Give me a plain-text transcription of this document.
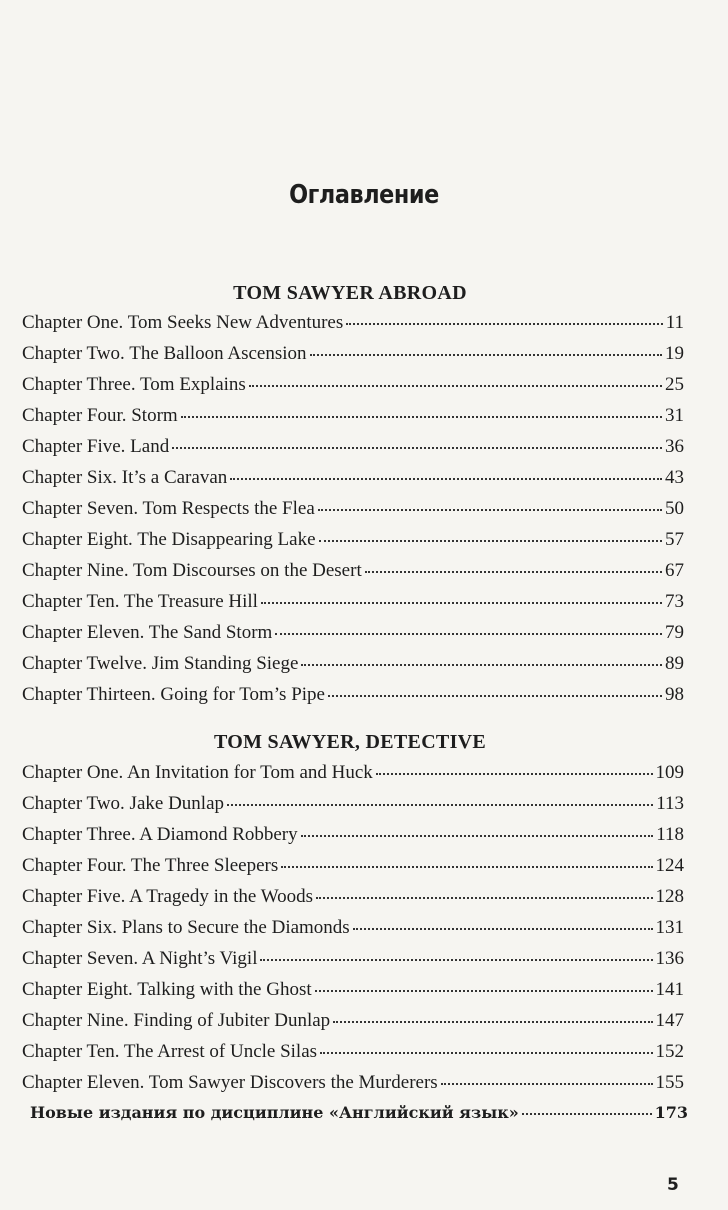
Оглавление
TOM SAWYER ABROAD
Chapter One. Tom Seeks New Adventures	11
Chapter Two. The Balloon Ascension	19
Chapter Three. Tom Explains	25
Chapter Four. Storm	31
Chapter Five. Land	36
Chapter Six. It’s a Caravan	43
Chapter Seven. Tom Respects the Flea	50
Chapter Eight. The Disappearing Lake	57
Chapter Nine. Tom Discourses on the Desert	67
Chapter Ten. The Treasure Hill	73
Chapter Eleven. The Sand Storm	79
Chapter Twelve. Jim Standing Siege	89
Chapter Thirteen. Going for Tom’s Pipe	98
TOM SAWYER, DETECTIVE
Chapter One. An Invitation for Tom and Huck	109
Chapter Two. Jake Dunlap	113
Chapter Three. A Diamond Robbery	118
Chapter Four. The Three Sleepers	124
Chapter Five. A Tragedy in the Woods	128
Chapter Six. Plans to Secure the Diamonds	131
Chapter Seven. A Night’s Vigil	136
Chapter Eight. Talking with the Ghost	141
Chapter Nine. Finding of Jubiter Dunlap	147
Chapter Ten. The Arrest of Uncle Silas	152
Chapter Eleven. Tom Sawyer Discovers the Murderers	155
Новые издания по дисциплине «Английский язык»	173
5
